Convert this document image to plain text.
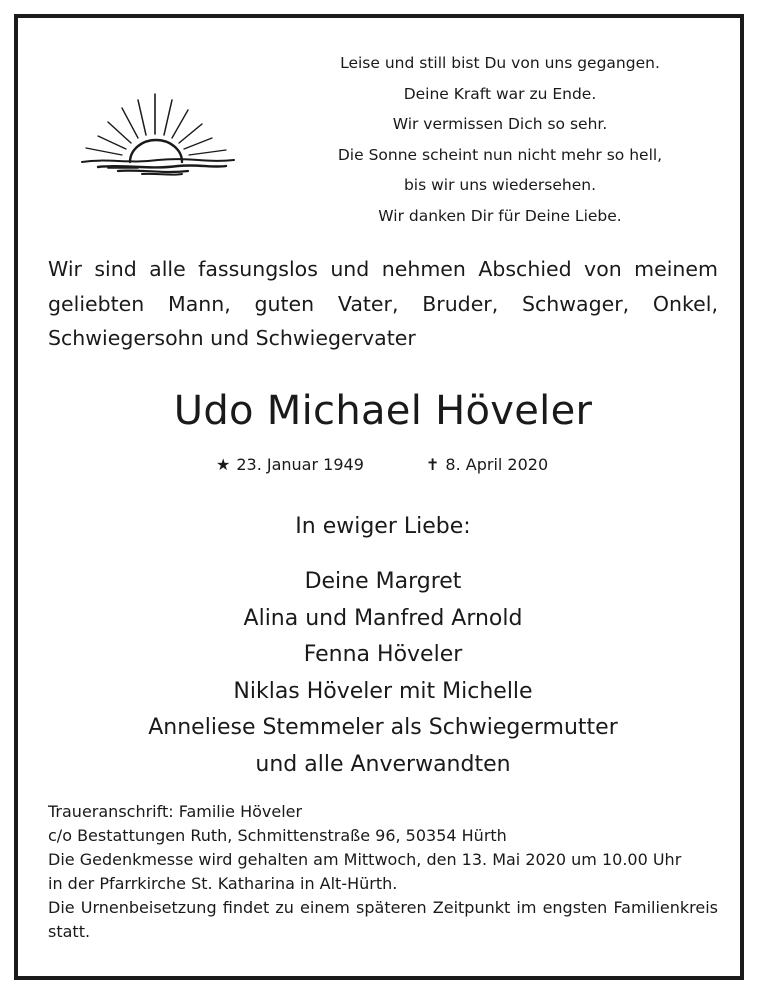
Leise und still bist Du von uns gegangen.
Deine Kraft war zu Ende.
Wir vermissen Dich so sehr.
Die Sonne scheint nun nicht mehr so hell,
bis wir uns wiedersehen.
Wir danken Dir für Deine Liebe.
Wir sind alle fassungslos und nehmen Abschied von meinem geliebten Mann, guten Vater, Bruder, Schwager, Onkel, Schwiegersohn und Schwiegervater
Udo Michael Höveler
★ 23. Januar 1949	✝ 8. April 2020
In ewiger Liebe:
Deine Margret
Alina und Manfred Arnold
Fenna Höveler
Niklas Höveler mit Michelle
Anneliese Stemmeler als Schwiegermutter
und alle Anverwandten
Traueranschrift: Familie Höveler
c/o Bestattungen Ruth, Schmittenstraße 96, 50354 Hürth
Die Gedenkmesse wird gehalten am Mittwoch, den 13. Mai 2020 um 10.00 Uhr
in der Pfarrkirche St. Katharina in Alt-Hürth.
Die Urnenbeisetzung findet zu einem späteren Zeitpunkt im engsten Familienkreis statt.
